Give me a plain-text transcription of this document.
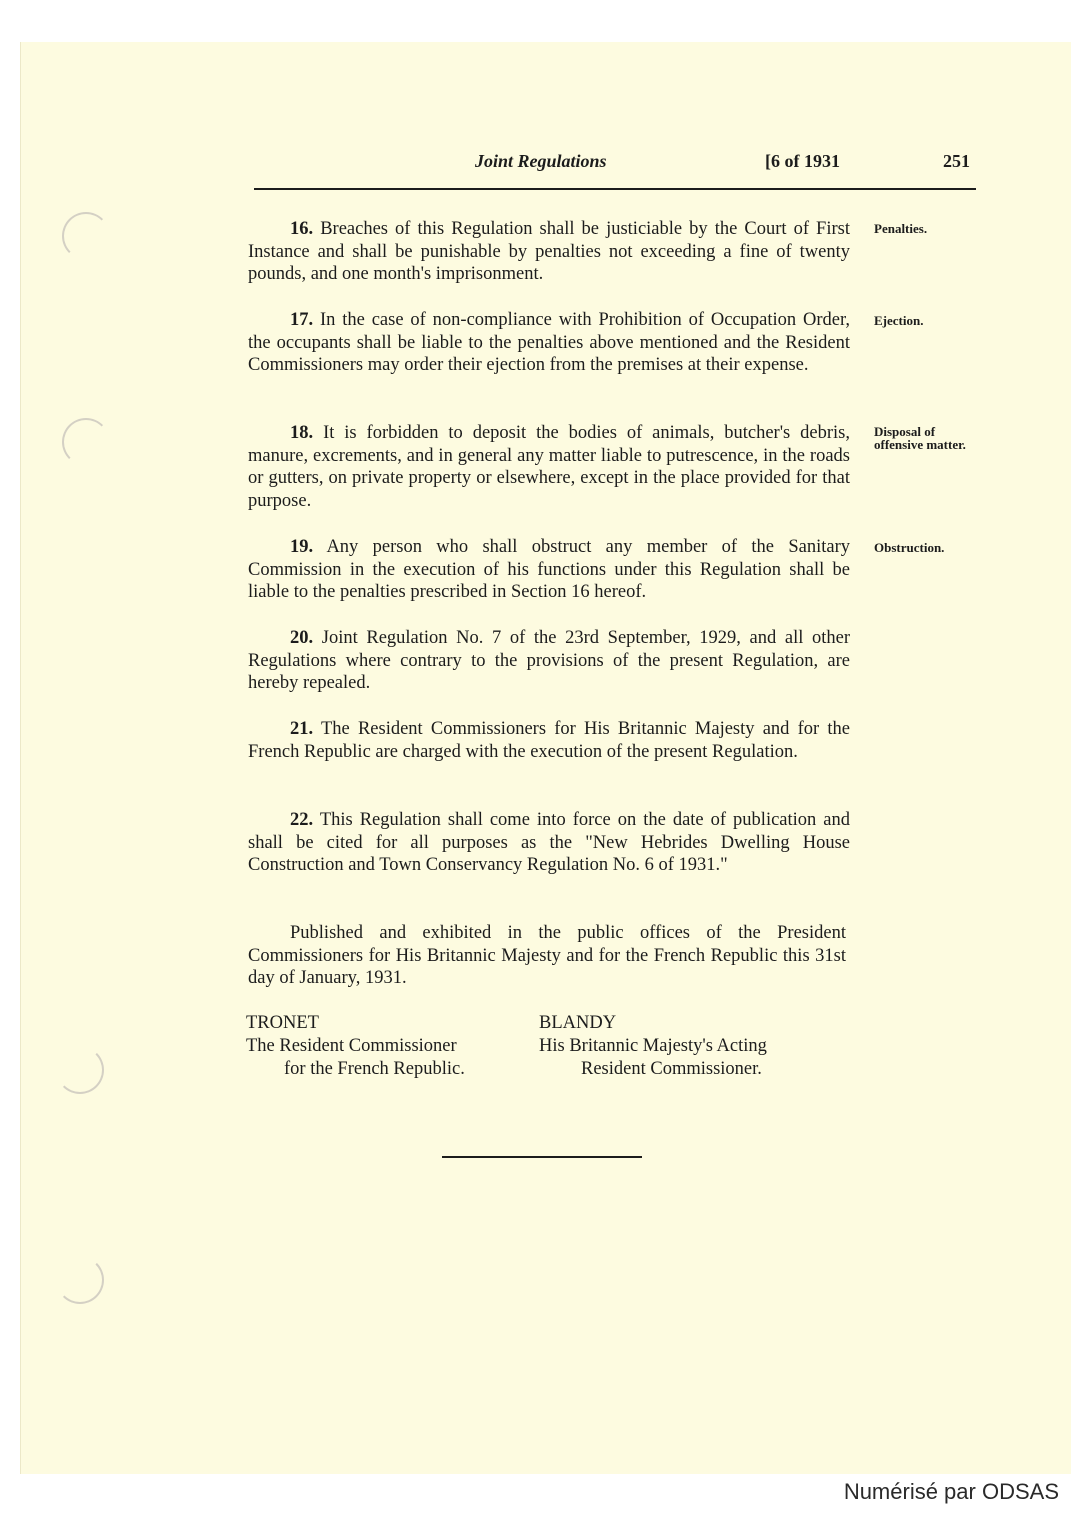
Joint Regulations	[6 of 1931	251
16. Breaches of this Regulation shall be justiciable by the Court of First Instance and shall be punishable by penalties not exceeding a fine of twenty pounds, and one month's imprisonment.
Penalties.
17. In the case of non-compliance with Prohibition of Occupation Order, the occupants shall be liable to the penalties above mentioned and the Resident Commissioners may order their ejection from the premises at their expense.
Ejection.
18. It is forbidden to deposit the bodies of animals, butcher's debris, manure, excrements, and in general any matter liable to putrescence, in the roads or gutters, on private property or elsewhere, except in the place provided for that purpose.
Disposal of offensive matter.
19. Any person who shall obstruct any member of the Sanitary Commission in the execution of his functions under this Regulation shall be liable to the penalties prescribed in Section 16 hereof.
Obstruction.
20. Joint Regulation No. 7 of the 23rd September, 1929, and all other Regulations where contrary to the provisions of the present Regulation, are hereby repealed.
21. The Resident Commissioners for His Britannic Majesty and for the French Republic are charged with the execution of the present Regulation.
22. This Regulation shall come into force on the date of publication and shall be cited for all purposes as the "New Hebrides Dwelling House Construction and Town Conservancy Regulation No. 6 of 1931."
Published and exhibited in the public offices of the President Commissioners for His Britannic Majesty and for the French Republic this 31st day of January, 1931.
TRONET
The Resident Commissioner
for the French Republic.
BLANDY
His Britannic Majesty's Acting
Resident Commissioner.
Numérisé par ODSAS
